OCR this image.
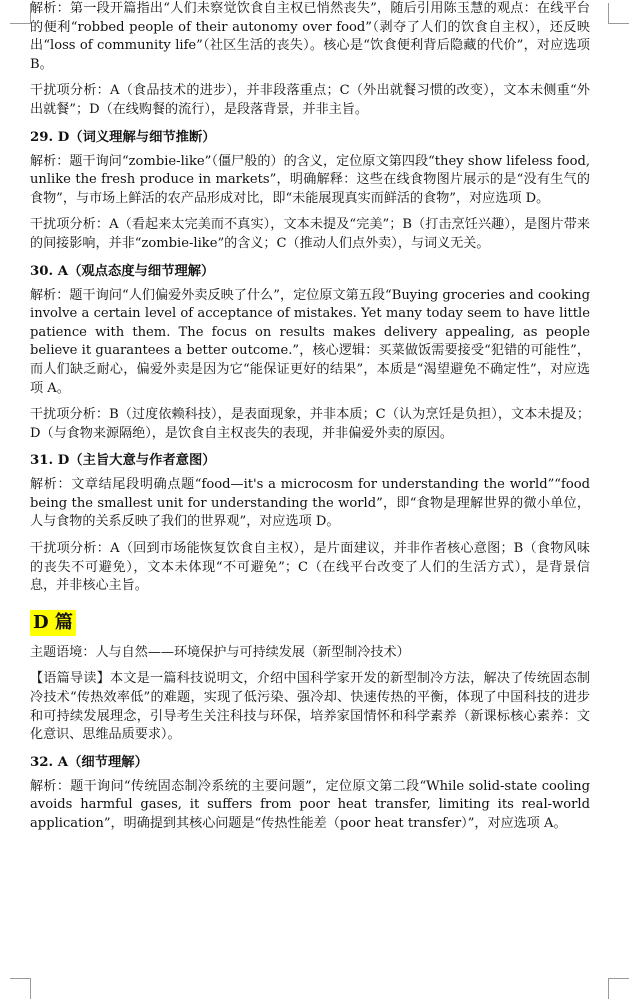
解析：第一段开篇指出“人们未察觉饮食自主权已悄然丧失”，随后引用陈玉慧的观点：在线平台的便利“robbed people of their autonomy over food”（剥夺了人们的饮食自主权），还反映出“loss of community life”（社区生活的丧失）。核心是“饮食便利背后隐藏的代价”，对应选项 B。

干扰项分析：A（食品技术的进步），并非段落重点；C（外出就餐习惯的改变），文本未侧重“外出就餐”；D（在线购餐的流行），是段落背景，并非主旨。

29. D（词义理解与细节推断）

解析：题干询问“zombie-like”（僵尸般的）的含义，定位原文第四段“they show lifeless food, unlike the fresh produce in markets”，明确解释：这些在线食物图片展示的是“没有生气的食物”，与市场上鲜活的农产品形成对比，即“未能展现真实而鲜活的食物”，对应选项 D。

干扰项分析：A（看起来太完美而不真实），文本未提及“完美”；B（打击烹饪兴趣），是图片带来的间接影响，并非“zombie-like”的含义；C（推动人们点外卖），与词义无关。

30. A（观点态度与细节理解）

解析：题干询问“人们偏爱外卖反映了什么”，定位原文第五段“Buying groceries and cooking involve a certain level of acceptance of mistakes. Yet many today seem to have little patience with them. The focus on results makes delivery appealing, as people believe it guarantees a better outcome.”，核心逻辑：买菜做饭需要接受“犯错的可能性”，而人们缺乏耐心，偏爱外卖是因为它“能保证更好的结果”，本质是“渴望避免不确定性”，对应选项 A。

干扰项分析：B（过度依赖科技），是表面现象，并非本质；C（认为烹饪是负担），文本未提及；D（与食物来源隔绝），是饮食自主权丧失的表现，并非偏爱外卖的原因。

31. D（主旨大意与作者意图）

解析：文章结尾段明确点题“food—it's a microcosm for understanding the world”“food being the smallest unit for understanding the world”，即“食物是理解世界的微小单位，人与食物的关系反映了我们的世界观”，对应选项 D。

干扰项分析：A（回到市场能恢复饮食自主权），是片面建议，并非作者核心意图；B（食物风味的丧失不可避免），文本未体现“不可避免”；C（在线平台改变了人们的生活方式），是背景信息，并非核心主旨。

D 篇

主题语境：人与自然——环境保护与可持续发展（新型制冷技术）

【语篇导读】本文是一篇科技说明文，介绍中国科学家开发的新型制冷方法，解决了传统固态制冷技术“传热效率低”的难题，实现了低污染、强冷却、快速传热的平衡，体现了中国科技的进步和可持续发展理念，引导考生关注科技与环保，培养家国情怀和科学素养（新课标核心素养：文化意识、思维品质要求）。

32. A（细节理解）

解析：题干询问“传统固态制冷系统的主要问题”，定位原文第二段“While solid-state cooling avoids harmful gases, it suffers from poor heat transfer, limiting its real-world application”，明确提到其核心问题是“传热性能差（poor heat transfer）”，对应选项 A。
